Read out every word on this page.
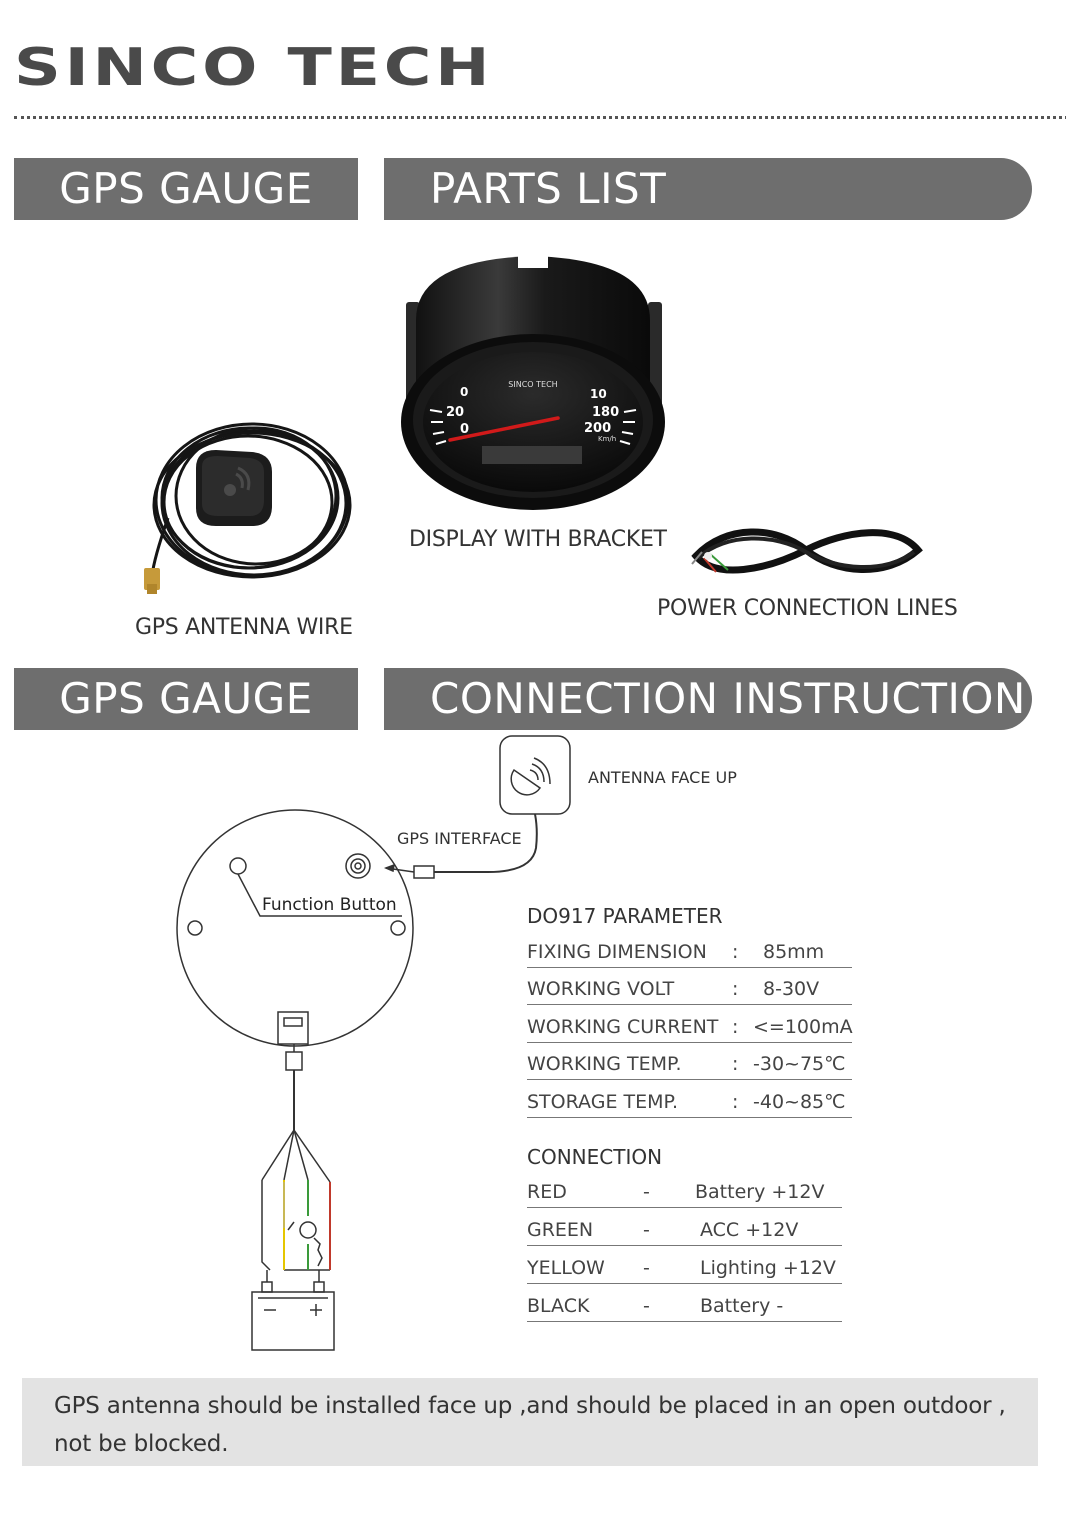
SINCO TECH
GPS GAUGE	PARTS LIST
SINCO TECH
0
20
0
10
180
200
Km/h
DISPLAY WITH BRACKET
GPS ANTENNA WIRE
POWER CONNECTION LINES
GPS GAUGE	CONNECTION INSTRUCTION
Function Button
ANTENNA FACE UP
GPS INTERFACE
DO917 PARAMETER
FIXING DIMENSION : 85mm
WORKING VOLT	: 8-30V
WORKING CURRENT : <=100mA
WORKING TEMP.	: -30~75℃
STORAGE TEMP.	: -40~85℃
CONNECTION
RED	- Battery +12V
GREEN	-	ACC +12V
YELLOW -	Lighting +12V
BLACK	-	Battery -
GPS antenna should be installed face up ,and should be placed in an open outdoor ,
not be blocked.
